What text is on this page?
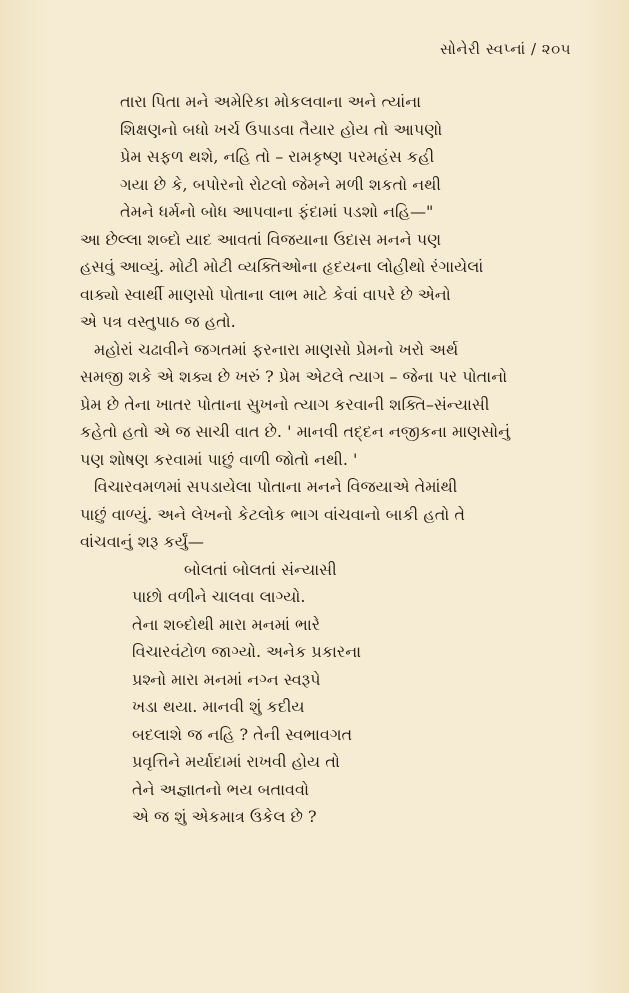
સોનેરી સ્વપ્નાં / ૨૦૫
તારા પિતા મને અમેરિકા મોકલવાના અને ત્યાંના
શિક્ષણનો બધો ખર્ચ ઉપાડવા તૈયાર હોય તો આપણો
પ્રેમ સફળ થશે, નહિ તો – રામકૃષ્ણ પરમહંસ કહી
ગયા છે કે, બપોરનો રોટલો જેમને મળી શકતો નથી
તેમને ધર્મનો બોધ આપવાના ફંદામાં પડશો નહિ—"
આ છેલ્લા શબ્દો યાદ આવતાં વિજયાના ઉદાસ મનને પણ
હસવું આવ્યું. મોટી મોટી વ્યક્તિઓના હૃદયના લોહીથો રંગાયેલાં
વાક્યો સ્વાર્થી માણસો પોતાના લાભ માટે કેવાં વાપરે છે એનો
એ પત્ર વસ્તુપાઠ જ હતો.
મહોરાં ચઢાવીને જગતમાં ફરનારા માણસો પ્રેમનો ખરો અર્થ
સમજી શકે એ શક્ય છે ખરું ? પ્રેમ એટલે ત્યાગ – જેના પર પોતાનો
પ્રેમ છે તેના ખાતર પોતાના સુખનો ત્યાગ કરવાની શક્તિ–સંન્યાસી
કહેતો હતો એ જ સાચી વાત છે. ' માનવી તદ્દન નજીકના માણસોનું
પણ શોષણ કરવામાં પાછું વાળી જોતો નથી. '
વિચારવમળમાં સપડાયેલા પોતાના મનને વિજયાએ તેમાંથી
પાછું વાળ્યું. અને લેખનો કેટલોક ભાગ વાંચવાનો બાકી હતો તે
વાંચવાનું શરૂ કર્યું—
બોલતાં બોલતાં સંન્યાસી
પાછો વળીને ચાલવા લાગ્યો.
તેના શબ્દોથી મારા મનમાં ભારે
વિચારવંટોળ જાગ્યો. અનેક પ્રકારના
પ્રશ્નો મારા મનમાં નગ્ન સ્વરૂપે
ખડા થયા. માનવી શું કદીય
બદલાશે જ નહિ ? તેની સ્વભાવગત
પ્રવૃત્તિને મર્યાદામાં રાખવી હોય તો
તેને અજ્ઞાતનો ભય બતાવવો
એ જ શું એકમાત્ર ઉકેલ છે ?
